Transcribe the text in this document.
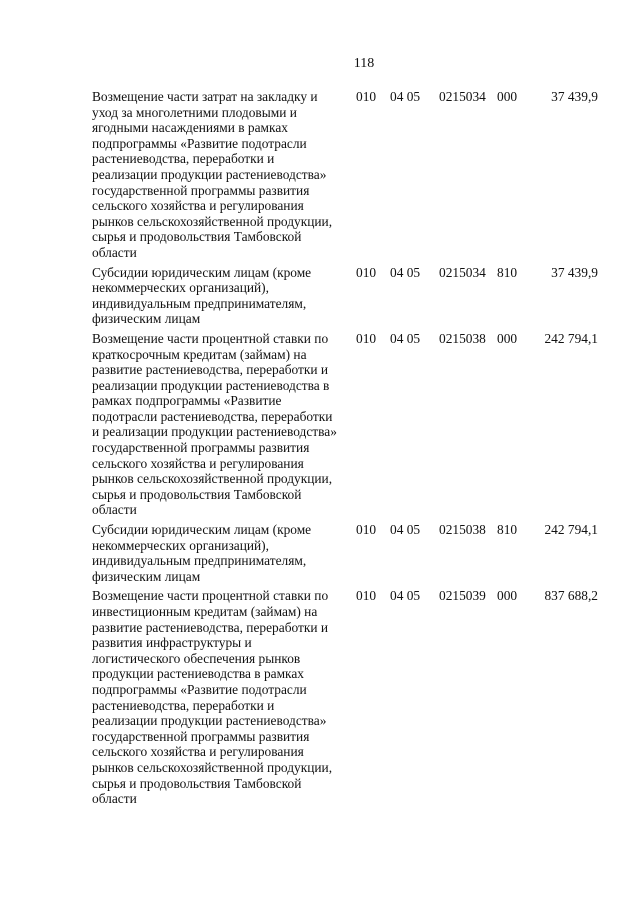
118
Возмещение части затрат на закладку и
уход за многолетними плодовыми и
ягодными насаждениями в рамках
подпрограммы «Развитие подотрасли
растениеводства, переработки и
реализации продукции растениеводства»
государственной программы развития
сельского хозяйства и регулирования
рынков сельскохозяйственной продукции,
сырья и продовольствия Тамбовской
области
010 04 05 0215034 000	37 439,9
Субсидии юридическим лицам (кроме
некоммерческих организаций),
индивидуальным предпринимателям,
физическим лицам
010 04 05 0215034 810	37 439,9
Возмещение части процентной ставки по
краткосрочным кредитам (займам) на
развитие растениеводства, переработки и
реализации продукции растениеводства в
рамках подпрограммы «Развитие
подотрасли растениеводства, переработки
и реализации продукции растениеводства»
государственной программы развития
сельского хозяйства и регулирования
рынков сельскохозяйственной продукции,
сырья и продовольствия Тамбовской
области
010 04 05 0215038 000 242 794,1
Субсидии юридическим лицам (кроме
некоммерческих организаций),
индивидуальным предпринимателям,
физическим лицам
010 04 05 0215038 810 242 794,1
Возмещение части процентной ставки по
инвестиционным кредитам (займам) на
развитие растениеводства, переработки и
развития инфраструктуры и
логистического обеспечения рынков
продукции растениеводства в рамках
подпрограммы «Развитие подотрасли
растениеводства, переработки и
реализации продукции растениеводства»
государственной программы развития
сельского хозяйства и регулирования
рынков сельскохозяйственной продукции,
сырья и продовольствия Тамбовской
области
010 04 05 0215039 000 837 688,2
